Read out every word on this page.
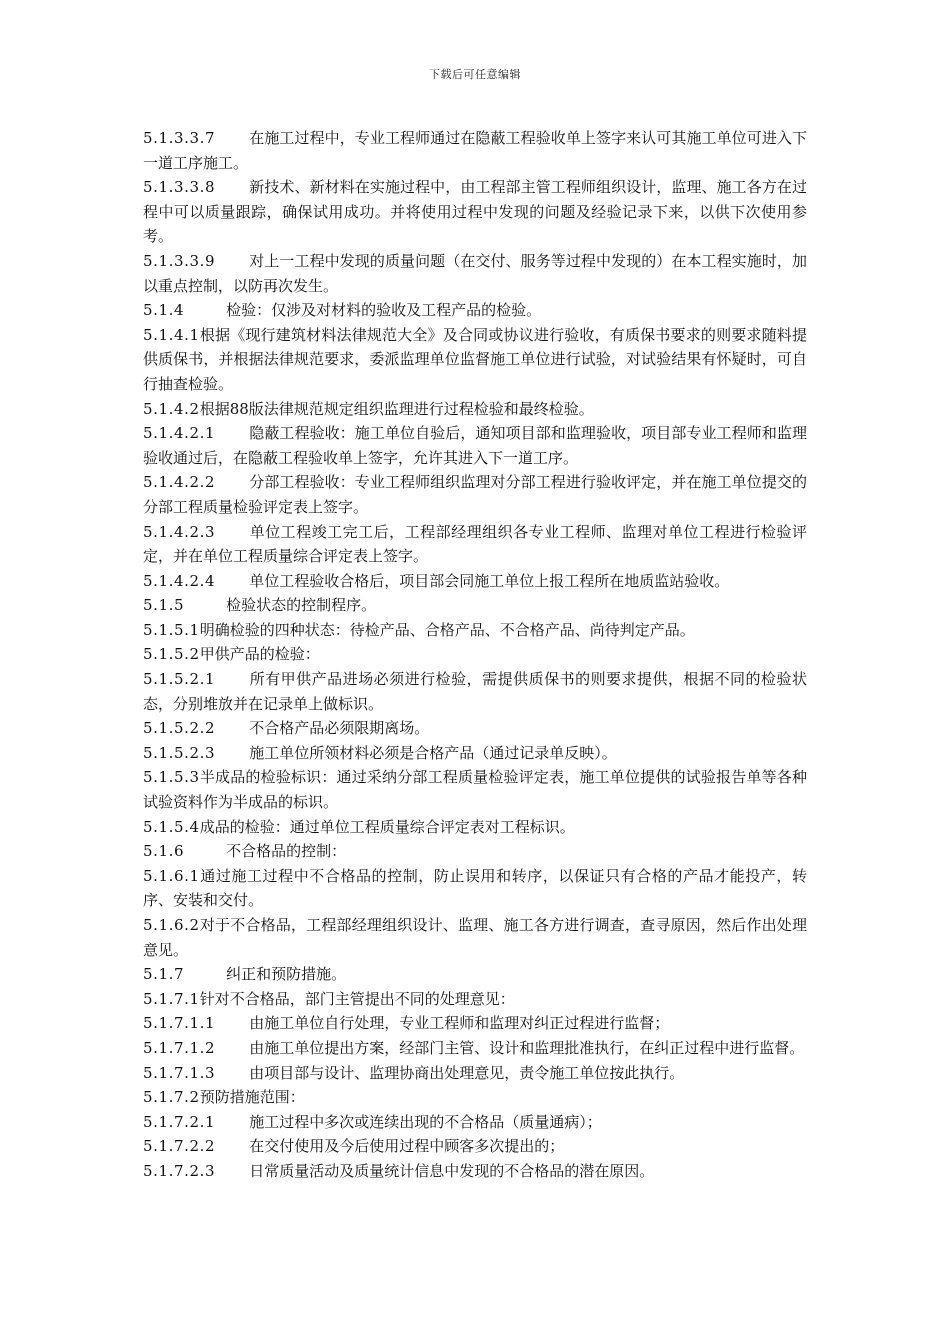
下载后可任意编辑

5.1.3.3.7 在施工过程中，专业工程师通过在隐蔽工程验收单上签字来认可其施工单位可进入下一道工序施工。

5.1.3.3.8 新技术、新材料在实施过程中，由工程部主管工程师组织设计，监理、施工各方在过程中可以质量跟踪，确保试用成功。并将使用过程中发现的问题及经验记录下来，以供下次使用参考。

5.1.3.3.9 对上一工程中发现的质量问题（在交付、服务等过程中发现的）在本工程实施时，加以重点控制，以防再次发生。

5.1.4	检验：仅涉及对材料的验收及工程产品的检验。

5.1.4.1根据《现行建筑材料法律规范大全》及合同或协议进行验收，有质保书要求的则要求随料提供质保书，并根据法律规范要求，委派监理单位监督施工单位进行试验，对试验结果有怀疑时，可自行抽查检验。

5.1.4.2根据88版法律规范规定组织监理进行过程检验和最终检验。

5.1.4.2.1 隐蔽工程验收：施工单位自验后，通知项目部和监理验收，项目部专业工程师和监理验收通过后，在隐蔽工程验收单上签字，允许其进入下一道工序。

5.1.4.2.2 分部工程验收：专业工程师组织监理对分部工程进行验收评定，并在施工单位提交的分部工程质量检验评定表上签字。

5.1.4.2.3 单位工程竣工完工后，工程部经理组织各专业工程师、监理对单位工程进行检验评定，并在单位工程质量综合评定表上签字。

5.1.4.2.4 单位工程验收合格后，项目部会同施工单位上报工程所在地质监站验收。

5.1.5	检验状态的控制程序。

5.1.5.1明确检验的四种状态：待检产品、合格产品、不合格产品、尚待判定产品。

5.1.5.2甲供产品的检验：

5.1.5.2.1 所有甲供产品进场必须进行检验，需提供质保书的则要求提供，根据不同的检验状态，分别堆放并在记录单上做标识。

5.1.5.2.2 不合格产品必须限期离场。

5.1.5.2.3 施工单位所领材料必须是合格产品（通过记录单反映）。

5.1.5.3半成品的检验标识：通过采纳分部工程质量检验评定表，施工单位提供的试验报告单等各种试验资料作为半成品的标识。

5.1.5.4成品的检验：通过单位工程质量综合评定表对工程标识。

5.1.6	不合格品的控制：

5.1.6.1通过施工过程中不合格品的控制，防止误用和转序，以保证只有合格的产品才能投产，转序、安装和交付。

5.1.6.2对于不合格品，工程部经理组织设计、监理、施工各方进行调查，查寻原因，然后作出处理意见。

5.1.7	纠正和预防措施。

5.1.7.1针对不合格品，部门主管提出不同的处理意见：

5.1.7.1.1 由施工单位自行处理，专业工程师和监理对纠正过程进行监督；

5.1.7.1.2 由施工单位提出方案，经部门主管、设计和监理批准执行，在纠正过程中进行监督。

5.1.7.1.3 由项目部与设计、监理协商出处理意见，责令施工单位按此执行。

5.1.7.2预防措施范围：

5.1.7.2.1 施工过程中多次或连续出现的不合格品（质量通病）；

5.1.7.2.2 在交付使用及今后使用过程中顾客多次提出的；

5.1.7.2.3 日常质量活动及质量统计信息中发现的不合格品的潜在原因。
